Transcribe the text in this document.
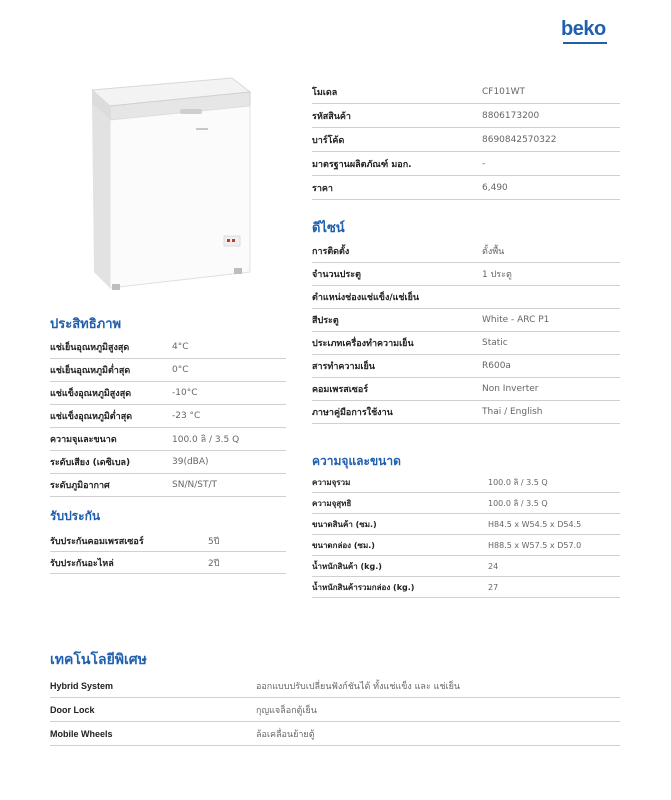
beko
โมเดล	CF101WT
รหัสสินค้า	8806173200
บาร์โค้ด	8690842570322
มาตรฐานผลิตภัณฑ์ มอก.	-
ราคา	6,490
ดีไซน์
การติดตั้ง	ตั้งพื้น
จำนวนประตู	1 ประตู
ตำแหน่งช่องแช่แข็ง/แช่เย็น
สีประตู	White - ARC P1
ประเภทเครื่องทำความเย็น	Static
สารทำความเย็น	R600a
คอมเพรสเซอร์	Non Inverter
ภาษาคู่มือการใช้งาน	Thai / English
ประสิทธิภาพ
แช่เย็นอุณหภูมิสูงสุด	4°C
แช่เย็นอุณหภูมิต่ำสุด	0°C
แช่แข็งอุณหภูมิสูงสุด	-10°C
แช่แข็งอุณหภูมิต่ำสุด	-23 °C
ความจุและขนาด	100.0 ลิ / 3.5 Q
ระดับเสียง (เดซิเบล)	39(dBA)
ระดับภูมิอากาศ	SN/N/ST/T
ความจุและขนาด
ความจุรวม	100.0 ลิ / 3.5 Q
ความจุสุทธิ	100.0 ลิ / 3.5 Q
ขนาดสินค้า (ซม.)	H84.5 x W54.5 x D54.5
ขนาดกล่อง (ซม.)	H88.5 x W57.5 x D57.0
น้ำหนักสินค้า (kg.)	24
น้ำหนักสินค้ารวมกล่อง (kg.)	27
รับประกัน
รับประกันคอมเพรสเซอร์	5ปี
รับประกันอะไหล่	2ปี
เทคโนโลยีพิเศษ
Hybrid System	ออกแบบปรับเปลี่ยนฟังก์ชันได้ ทั้งแช่แข็ง และ แช่เย็น
Door Lock	กุญแจล็อกตู้เย็น
Mobile Wheels	ล้อเคลื่อนย้ายตู้
